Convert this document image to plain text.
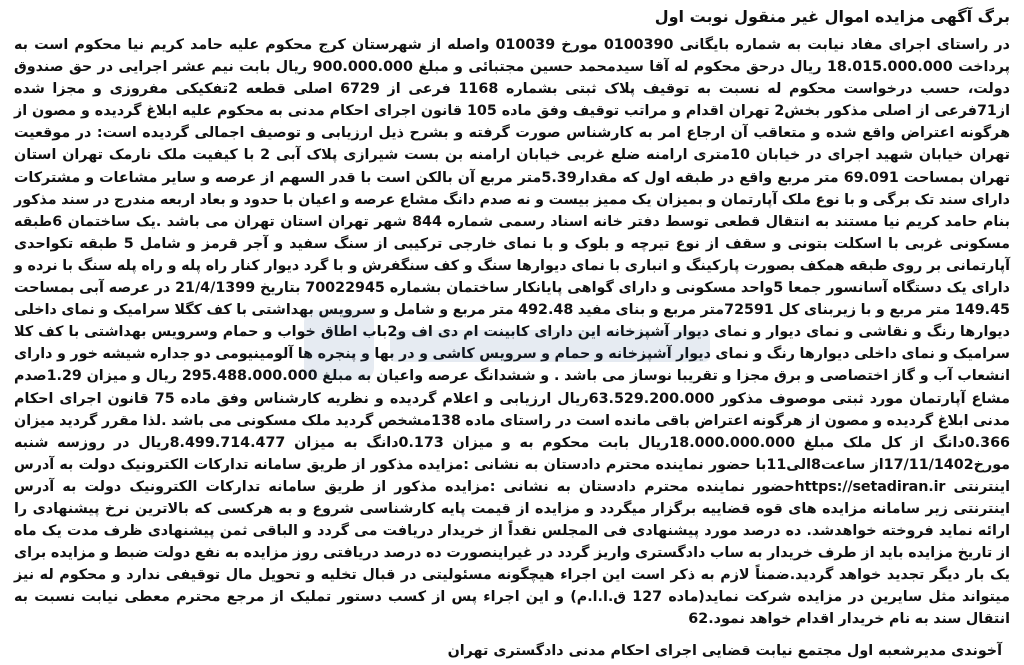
برگ آگهی مزایده اموال غیر منقول نوبت اول

در راستای اجرای مفاد نیابت به شماره بایگانی 0100390 مورخ 010039 واصله از شهرستان کرج محکوم علیه حامد کریم نیا محکوم است به پرداخت 18.015.000.000 ریال درحق محکوم له آقا سیدمحمد حسین مجتبائی و مبلغ 900.000.000 ریال بابت نیم عشر اجرایی در حق صندوق دولت، حسب درخواست محکوم له نسبت به توقیف پلاک ثبتی بشماره 1168 فرعی از 6729 اصلی قطعه 2تفکیکی مفروزی و مجزا شده از71فرعی از اصلی مذکور بخش2 تهران اقدام و مراتب توقیف وفق ماده 105 قانون اجرای احکام مدنی به محکوم علیه ابلاغ گردیده و مصون از هرگونه اعتراض واقع شده و متعاقب آن ارجاع امر به کارشناس صورت گرفته و بشرح ذیل ارزیابی و توصیف اجمالی گردیده است: در موقعیت تهران خیابان شهید اجرای در خیابان 10متری ارامنه ضلع غربی خیابان ارامنه بن بست شیرازی پلاک آبی 2 با کیفیت ملک نارمک تهران استان تهران بمساحت 69.091 متر مربع واقع در طبقه اول که مقدار5.39متر مربع آن بالکن است با قدر السهم از عرصه و سایر مشاعات و مشترکات دارای سند تک برگی و با نوع ملک آپارتمان و بمیزان یک ممیز بیست و نه صدم دانگ مشاع عرصه و اعیان با حدود و بعاد اربعه مندرج در سند مذکور بنام حامد کریم نیا مستند به انتقال قطعی توسط دفتر خانه اسناد رسمی شماره 844 شهر تهران استان تهران می باشد .یک ساختمان 6طبقه مسکونی غربی با اسکلت بتونی و سقف از نوع تیرچه و بلوک و با نمای خارجی ترکیبی از سنگ سفید و آجر قرمز و شامل 5 طبقه تکواحدی آپارتمانی بر روی طبقه همکف بصورت پارکینگ و انباری با نمای دیوارها سنگ و کف سنگفرش و با گرد دیوار کنار راه پله و راه پله سنگ با نرده و دارای یک دستگاه آسانسور جمعا 5واحد مسکونی و دارای گواهی پایانکار ساختمان بشماره 70022945 بتاریخ 21/4/1399 در عرصه آبی بمساحت 149.45 متر مربع و با زیربنای کل 72591متر مربع و بنای مفید 492.48 متر مربع و شامل و سرویس بهداشتی با کف کگلا سرامیک و نمای داخلی دیوارها رنگ و نقاشی و نمای دیوار و نمای دیوار آشپزخانه این دارای کابینت ام دی اف و2باب اطاق خواب و حمام وسرویس بهداشتی با کف کلا سرامیک و نمای داخلی دیوارها رنگ و نمای دیوار آشپزخانه و حمام و سرویس کاشی و در بها و پنجره ها آلومینیومی دو جداره شیشه خور و دارای انشعاب آب و گاز اختصاصی و برق مجزا و تقریبا نوساز می باشد . و ششدانگ عرصه واعیان به مبلغ 295.488.000.000 ریال و میزان 1.29صدم مشاع آپارتمان مورد ثبتی موصوف مذکور 63.529.200.000ریال ارزیابی و اعلام گردیده و نظریه کارشناس وفق ماده 75 قانون اجرای احکام مدنی ابلاغ گردیده و مصون از هرگونه اعتراض باقی مانده است در راستای ماده 138مشخص گردید ملک مسکونی می باشد .لذا مقرر گردید میزان 0.366دانگ از کل ملک مبلغ 18.000.000.000ریال بابت محکوم به و میزان 0.173دانگ به میزان 8.499.714.477ریال در روزسه شنبه مورخ17/11/1402از ساعت8الی11با حضور نماینده محترم دادستان به نشانی :مزایده مذکور از طریق سامانه تدارکات الکترونیک دولت به آدرس اینترنتی https://setadiran.irحضور نماینده محترم دادستان به نشانی :مزایده مذکور از طریق سامانه تدارکات الکترونیک دولت به آدرس اینترنتی زیر سامانه مزایده های قوه قضاییه برگزار میگردد و مزایده از قیمت پایه کارشناسی شروع و به هرکسی که بالاترین نرخ پیشنهادی را ارائه نماید فروخته خواهدشد. ده درصد مورد پیشنهادی فی المجلس نقداً از خریدار دریافت می گردد و الباقی ثمن پیشنهادی ظرف مدت یک ماه از تاریخ مزایده باید از طرف خریدار به ساب دادگستری واریز گردد در غیراینصورت ده درصد دریافتی روز مزایده به نفع دولت ضبط و مزایده برای یک بار دیگر تجدید خواهد گردید.ضمناً لازم به ذکر است این اجراء هیچگونه مسئولیتی در قبال تخلیه و تحویل مال توقیفی ندارد و محکوم له نیز میتواند مثل سایرین در مزایده شرکت نماید(ماده 127 ق.ا.ا.م) و این اجراء پس از کسب دستور تملیک از مرجع محترم معطی نیابت نسبت به انتقال سند به نام خریدار اقدام خواهد نمود.62

آخوندی مدیرشعبه اول مجتمع نیابت قضایی اجرای احکام مدنی دادگستری تهران
